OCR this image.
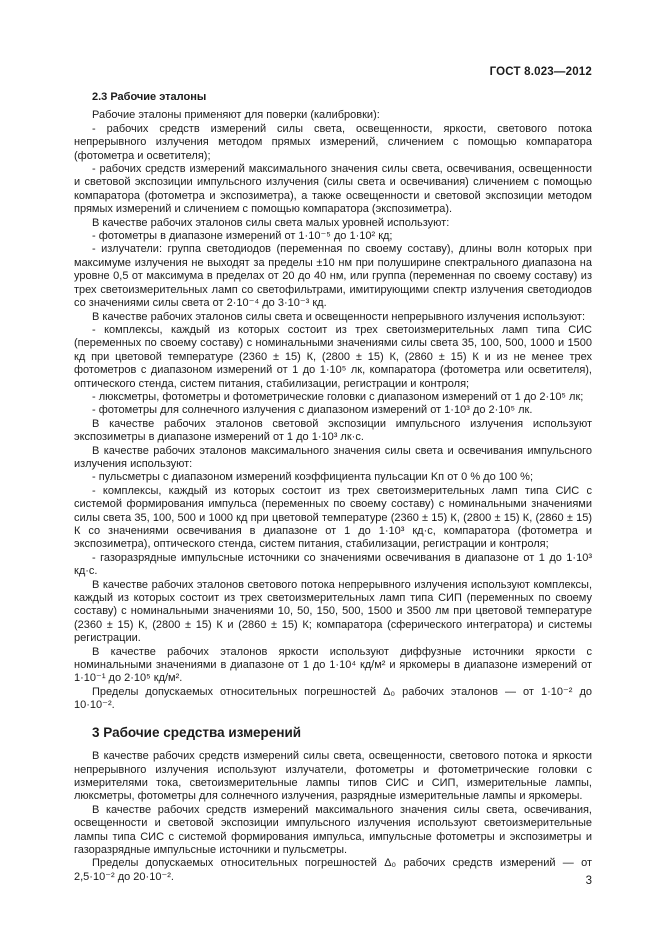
ГОСТ 8.023—2012

2.3 Рабочие эталоны

Рабочие эталоны применяют для поверки (калибровки):

- рабочих средств измерений силы света, освещенности, яркости, светового потока непрерывного излучения методом прямых измерений, сличением с помощью компаратора (фотометра и осветителя);

- рабочих средств измерений максимального значения силы света, освечивания, освещенности и световой экспозиции импульсного излучения (силы света и освечивания) сличением с помощью компаратора (фотометра и экспозиметра), а также освещенности и световой экспозиции методом прямых измерений и сличением с помощью компаратора (экспозиметра).

В качестве рабочих эталонов силы света малых уровней используют:

- фотометры в диапазоне измерений от 1·10⁻⁵ до 1·10² кд;

- излучатели: группа светодиодов (переменная по своему составу), длины волн которых при максимуме излучения не выходят за пределы ±10 нм при полуширине спектрального диапазона на уровне 0,5 от максимума в пределах от 20 до 40 нм, или группа (переменная по своему составу) из трех светоизмерительных ламп со светофильтрами, имитирующими спектр излучения светодиодов со значениями силы света от 2·10⁻⁴ до 3·10⁻³ кд.

В качестве рабочих эталонов силы света и освещенности непрерывного излучения используют:

- комплексы, каждый из которых состоит из трех светоизмерительных ламп типа СИС (переменных по своему составу) с номинальными значениями силы света 35, 100, 500, 1000 и 1500 кд при цветовой температуре (2360 ± 15) К, (2800 ± 15) К, (2860 ± 15) К и из не менее трех фотометров с диапазоном измерений от 1 до 1·10⁵ лк, компаратора (фотометра или осветителя), оптического стенда, систем питания, стабилизации, регистрации и контроля;

- люксметры, фотометры и фотометрические головки с диапазоном измерений от 1 до 2·10⁵ лк;

- фотометры для солнечного излучения с диапазоном измерений от 1·10³ до 2·10⁵ лк.

В качестве рабочих эталонов световой экспозиции импульсного излучения используют экспозиметры в диапазоне измерений от 1 до 1·10³ лк·с.

В качестве рабочих эталонов максимального значения силы света и освечивания импульсного излучения используют:

- пульсметры с диапазоном измерений коэффициента пульсации Kп от 0 % до 100 %;

- комплексы, каждый из которых состоит из трех светоизмерительных ламп типа СИС с системой формирования импульса (переменных по своему составу) с номинальными значениями силы света 35, 100, 500 и 1000 кд при цветовой температуре (2360 ± 15) К, (2800 ± 15) К, (2860 ± 15) К со значениями освечивания в диапазоне от 1 до 1·10³ кд·с, компаратора (фотометра и экспозиметра), оптического стенда, систем питания, стабилизации, регистрации и контроля;

- газоразрядные импульсные источники со значениями освечивания в диапазоне от 1 до 1·10³ кд·с.

В качестве рабочих эталонов светового потока непрерывного излучения используют комплексы, каждый из которых состоит из трех светоизмерительных ламп типа СИП (переменных по своему составу) с номинальными значениями 10, 50, 150, 500, 1500 и 3500 лм при цветовой температуре (2360 ± 15) К, (2800 ± 15) К и (2860 ± 15) К; компаратора (сферического интегратора) и системы регистрации.

В качестве рабочих эталонов яркости используют диффузные источники яркости с номинальными значениями в диапазоне от 1 до 1·10⁴ кд/м² и яркомеры в диапазоне измерений от 1·10⁻¹ до 2·10⁵ кд/м².

Пределы допускаемых относительных погрешностей Δ₀ рабочих эталонов — от 1·10⁻² до 10·10⁻².

3 Рабочие средства измерений

В качестве рабочих средств измерений силы света, освещенности, светового потока и яркости непрерывного излучения используют излучатели, фотометры и фотометрические головки с измерителями тока, светоизмерительные лампы типов СИС и СИП, измерительные лампы, люксметры, фотометры для солнечного излучения, разрядные измерительные лампы и яркомеры.

В качестве рабочих средств измерений максимального значения силы света, освечивания, освещенности и световой экспозиции импульсного излучения используют светоизмерительные лампы типа СИС с системой формирования импульса, импульсные фотометры и экспозиметры и газоразрядные импульсные источники и пульсметры.

Пределы допускаемых относительных погрешностей Δ₀ рабочих средств измерений — от 2,5·10⁻² до 20·10⁻².	3
